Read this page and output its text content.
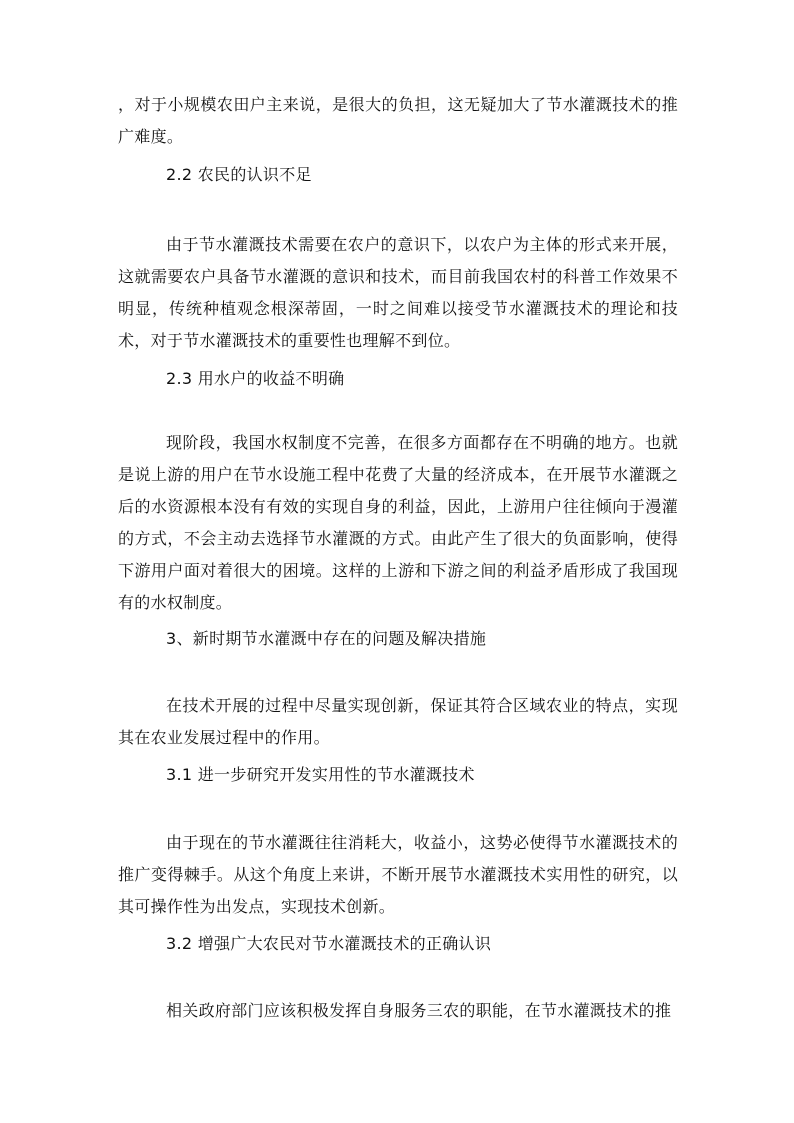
，对于小规模农田户主来说，是很大的负担，这无疑加大了节水灌溉技术的推广难度。

2.2 农民的认识不足

由于节水灌溉技术需要在农户的意识下，以农户为主体的形式来开展，这就需要农户具备节水灌溉的意识和技术，而目前我国农村的科普工作效果不明显，传统种植观念根深蒂固，一时之间难以接受节水灌溉技术的理论和技术，对于节水灌溉技术的重要性也理解不到位。

2.3 用水户的收益不明确

现阶段，我国水权制度不完善，在很多方面都存在不明确的地方。也就是说上游的用户在节水设施工程中花费了大量的经济成本，在开展节水灌溉之后的水资源根本没有有效的实现自身的利益，因此，上游用户往往倾向于漫灌的方式，不会主动去选择节水灌溉的方式。由此产生了很大的负面影响，使得下游用户面对着很大的困境。这样的上游和下游之间的利益矛盾形成了我国现有的水权制度。

3、新时期节水灌溉中存在的问题及解决措施

在技术开展的过程中尽量实现创新，保证其符合区域农业的特点，实现其在农业发展过程中的作用。

3.1 进一步研究开发实用性的节水灌溉技术

由于现在的节水灌溉往往消耗大，收益小，这势必使得节水灌溉技术的推广变得棘手。从这个角度上来讲，不断开展节水灌溉技术实用性的研究，以其可操作性为出发点，实现技术创新。

3.2 增强广大农民对节水灌溉技术的正确认识

相关政府部门应该积极发挥自身服务三农的职能，在节水灌溉技术的推
